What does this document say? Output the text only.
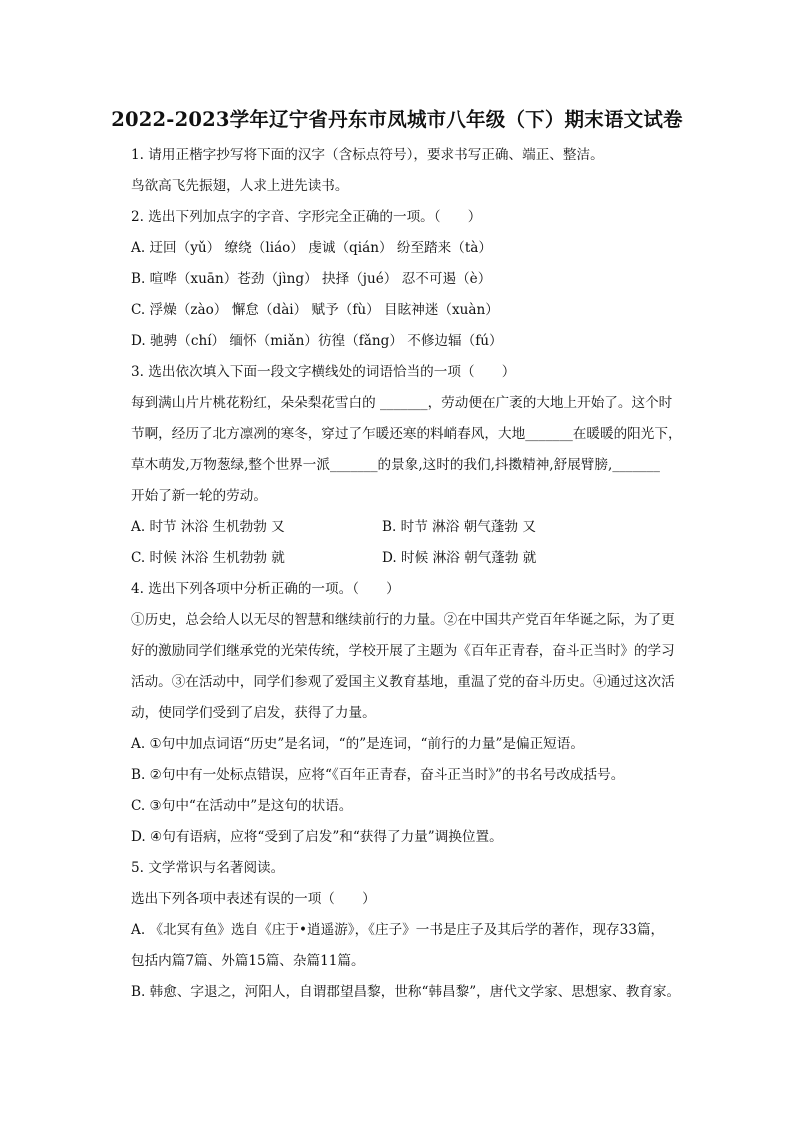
2022-2023学年辽宁省丹东市凤城市八年级（下）期末语文试卷
1. 请用正楷字抄写将下面的汉字（含标点符号），要求书写正确、端正、整洁。
鸟欲高飞先振翅，人求上进先读书。
2. 选出下列加点字的字音、字形完全正确的一项。（　　）
A. 迂回（yǔ） 缭绕（liáo） 虔诚（qián） 纷至踏来（tà）
B. 喧哗（xuān）苍劲（jìng） 抉择（jué） 忍不可遏（è）
C. 浮燥（zào） 懈怠（dài） 赋予（fù） 目眩神迷（xuàn）
D. 驰骋（chí） 缅怀（miǎn）彷徨（fǎng） 不修边辐（fú）
3. 选出依次填入下面一段文字横线处的词语恰当的一项（　　）
每到满山片片桃花粉红，朵朵梨花雪白的 _______，劳动便在广袤的大地上开始了。这个时
节啊，经历了北方凛冽的寒冬，穿过了乍暖还寒的料峭春风，大地_______在暖暖的阳光下，
草木萌发,万物葱绿,整个世界一派_______的景象,这时的我们,抖擞精神,舒展臂膀,_______
开始了新一轮的劳动。
A. 时节 沐浴 生机勃勃 又	B. 时节 淋浴 朝气蓬勃 又
C. 时候 沐浴 生机勃勃 就	D. 时候 淋浴 朝气蓬勃 就
4. 选出下列各项中分析正确的一项。（　　）
①历史，总会给人以无尽的智慧和继续前行的力量。②在中国共产党百年华诞之际，为了更
好的激励同学们继承党的光荣传统，学校开展了主题为《百年正青春，奋斗正当时》的学习
活动。③在活动中，同学们参观了爱国主义教育基地，重温了党的奋斗历史。④通过这次活
动，使同学们受到了启发，获得了力量。
A. ①句中加点词语“历史”是名词，“的”是连词，“前行的力量”是偏正短语。
B. ②句中有一处标点错误，应将“《百年正青春，奋斗正当时》”的书名号改成括号。
C. ③句中“在活动中”是这句的状语。
D. ④句有语病，应将“受到了启发”和“获得了力量”调换位置。
5. 文学常识与名著阅读。
选出下列各项中表述有误的一项（　　）
A. 《北冥有鱼》选自《庄于•逍遥游》，《庄子》一书是庄子及其后学的著作，现存33篇，
包括内篇7篇、外篇15篇、杂篇11篇。
B. 韩愈、字退之，河阳人，自谓郡望昌黎，世称“韩昌黎”，唐代文学家、思想家、教育家。
